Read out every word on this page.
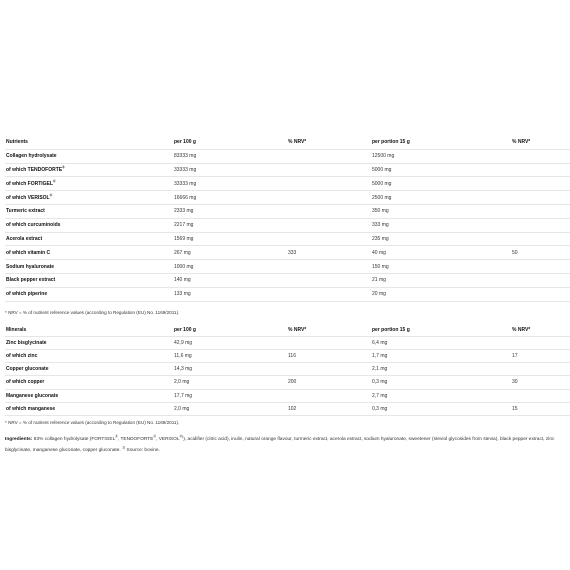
Nutrients	per 100 g	% NRV*	per portion 15 g	% NRV*
Collagen hydrolysate	83333 mg		12500 mg	
of which TENDOFORTE®	33333 mg		5000 mg	
of which FORTIGEL®	33333 mg		5000 mg	
of which VERISOL®	16666 mg		2500 mg	
Turmeric extract	2333 mg		350 mg	
of which curcuminoids	2217 mg		333 mg	
Acerola extract	1569 mg		235 mg	
of which vitamin C	267 mg	333	40 mg	50
Sodium hyaluronate	1000 mg		150 mg	
Black pepper extract	140 mg		21 mg	
of which piperine	133 mg		20 mg	
* NRV = % of nutrient reference values (according to Regulation (EU) No. 1169/2011).
Minerals	per 100 g	% NRV*	per portion 15 g	% NRV*
Zinc bisglycinate	42,9 mg		6,4 mg	
of which zinc	11,6 mg	116	1,7 mg	17
Copper gluconate	14,3 mg		2,1 mg	
of which copper	2,0 mg	200	0,3 mg	30
Manganese gluconate	17,7 mg		2,7 mg	
of which manganese	2,0 mg	102	0,3 mg	15
* NRV = % of nutrient reference values (according to Regulation (EU) No. 1169/2011).
Ingredients: 83% collagen hydrolysate (FORTIGEL®, TENDOFORTE®, VERISOL®)), acidifier (citric acid), inulin, natural orange flavour, turmeric extract, acerola extract, sodium hyaluronate, sweetener (steviol glycosides from stevia), black pepper extract, zinc bisglycinate, manganese gluconate, copper gluconate. $^{1)}$ Source: bovine.
